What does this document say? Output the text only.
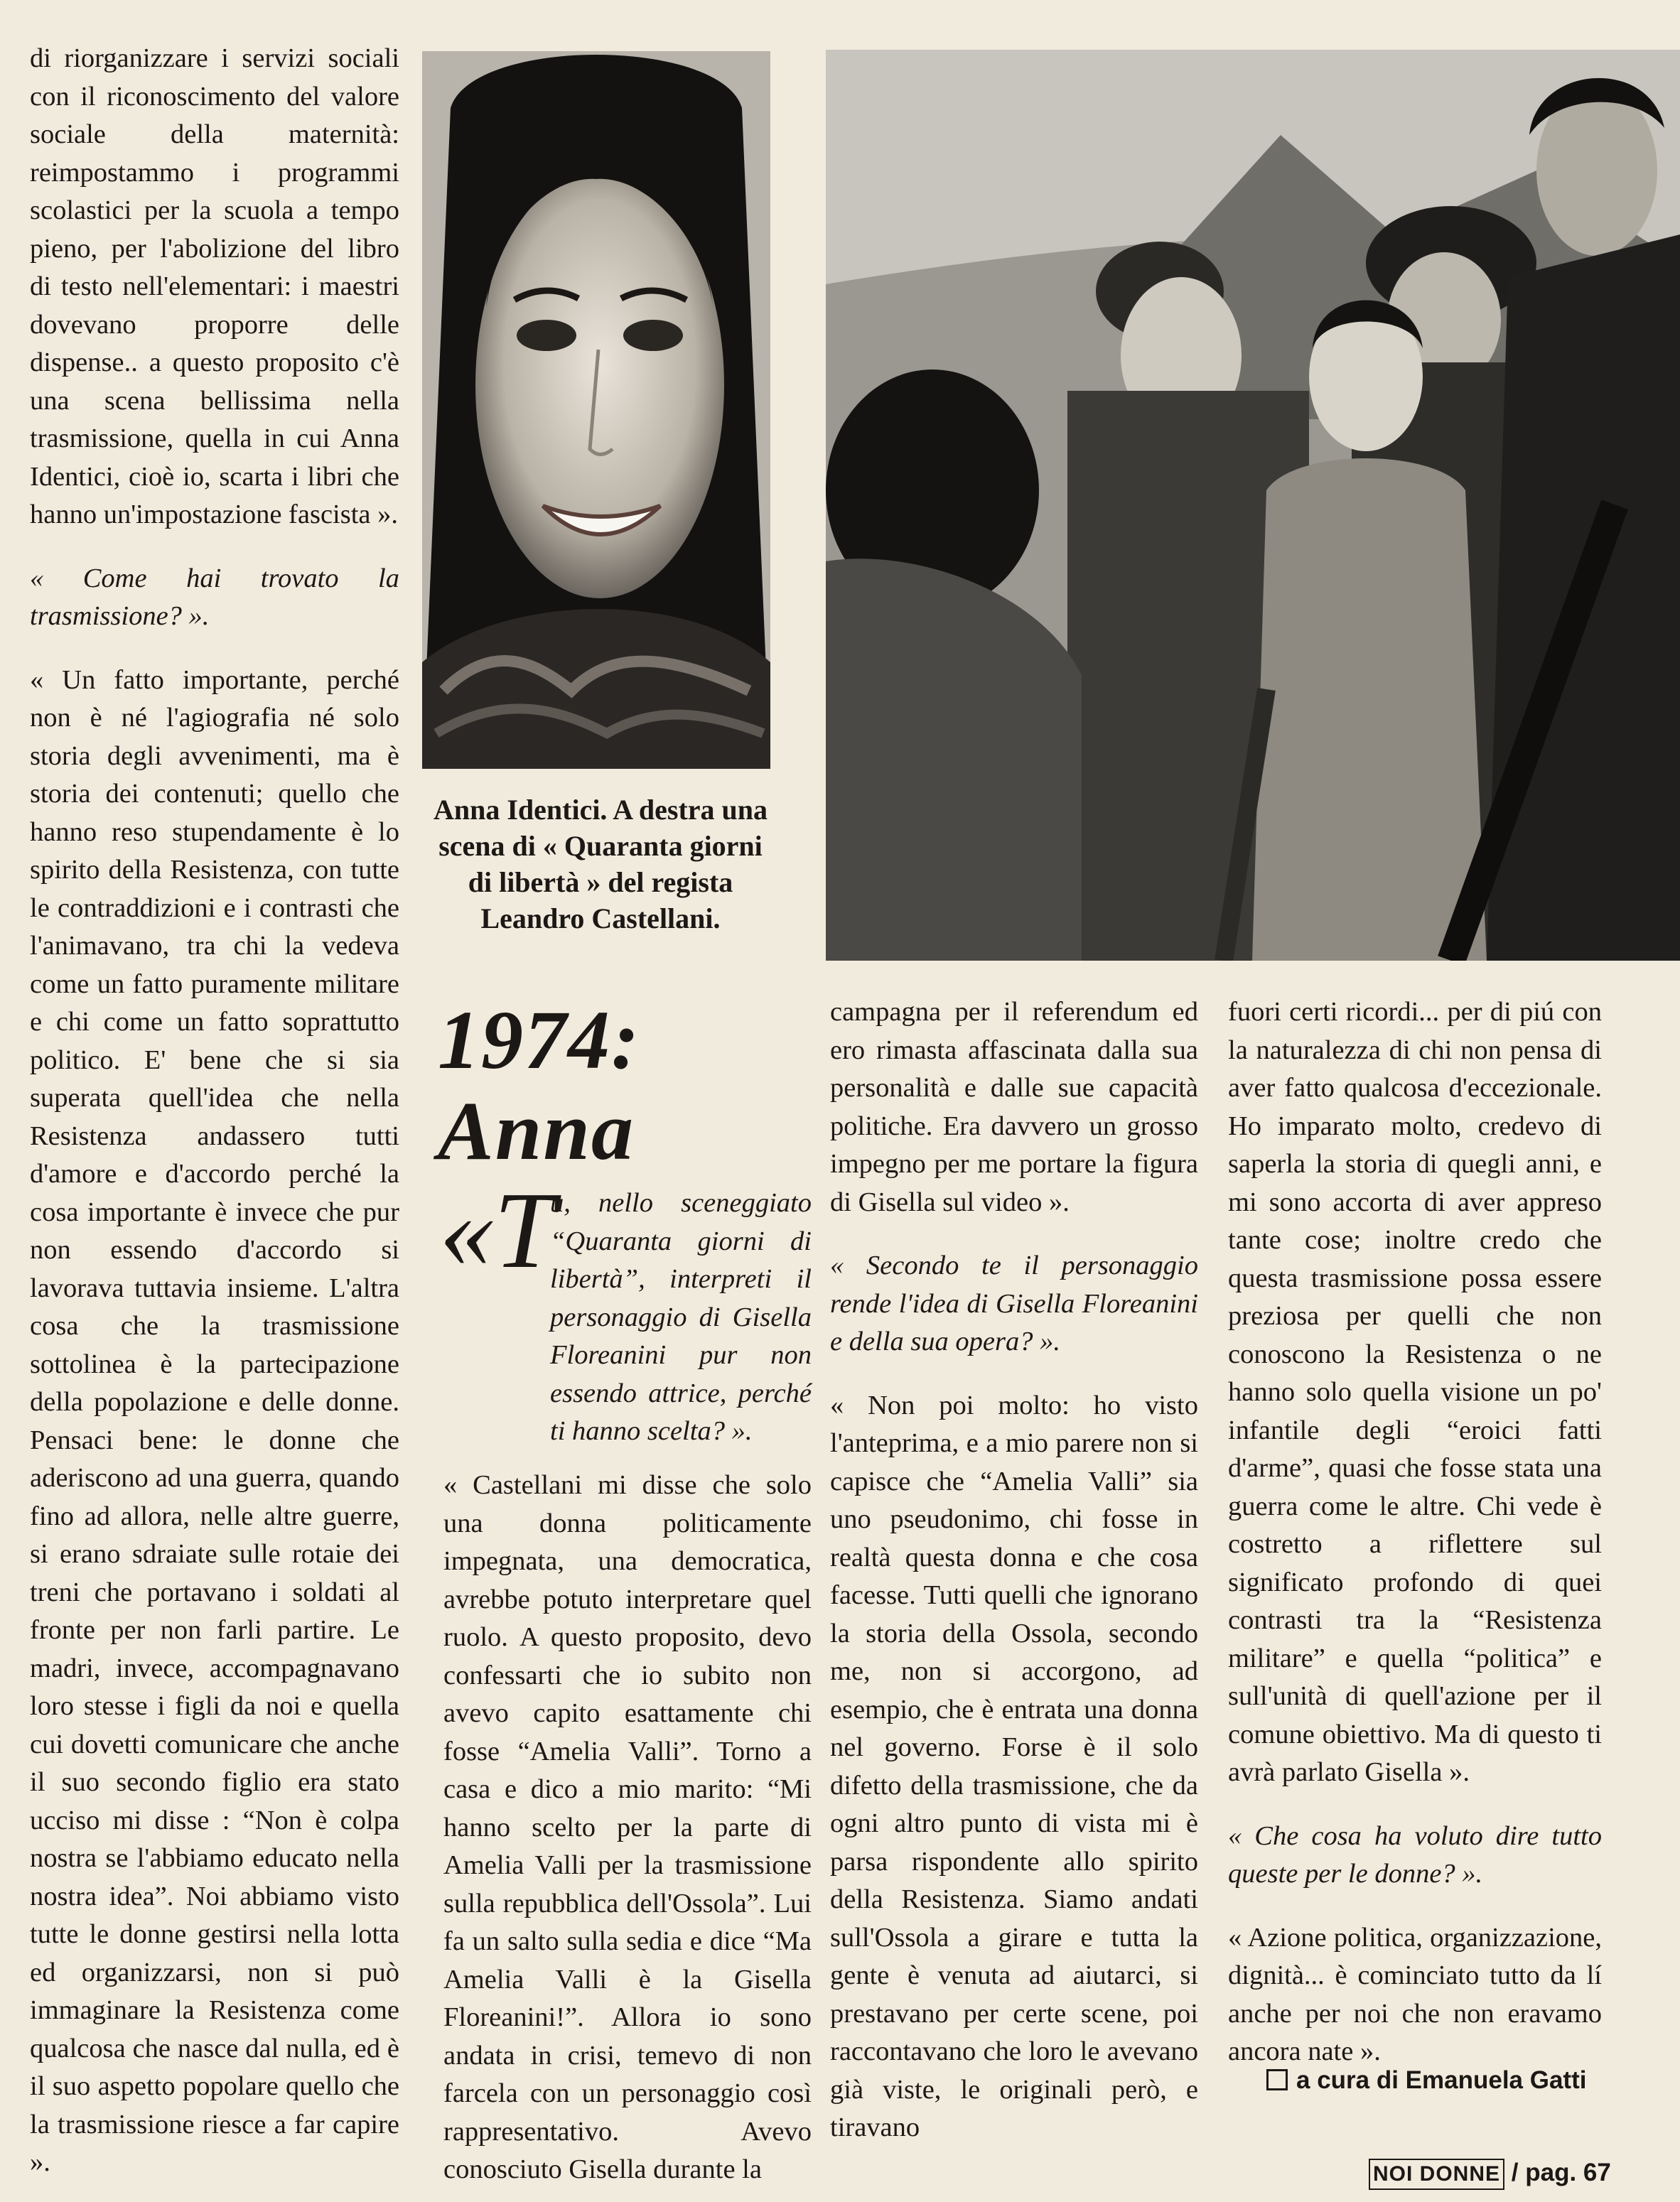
di riorganizzare i servizi sociali con il riconoscimento del valore sociale della maternità: reimpostammo i programmi scolastici per la scuola a tempo pieno, per l'abolizione del libro di testo nell'elementari: i maestri dovevano proporre delle dispense.. a questo proposito c'è una scena bellissima nella trasmissione, quella in cui Anna Identici, cioè io, scarta i libri che hanno un'impostazione fascista ».

« Come hai trovato la trasmissione? ».

« Un fatto importante, perché non è né l'agiografia né solo storia degli avvenimenti, ma è storia dei contenuti; quello che hanno reso stupendamente è lo spirito della Resistenza, con tutte le contraddizioni e i contrasti che l'animavano, tra chi la vedeva come un fatto puramente militare e chi come un fatto soprattutto politico. E' bene che si sia superata quell'idea che nella Resistenza andassero tutti d'amore e d'accordo perché la cosa importante è invece che pur non essendo d'accordo si lavorava tuttavia insieme. L'altra cosa che la trasmissione sottolinea è la partecipazione della popolazione e delle donne. Pensaci bene: le donne che aderiscono ad una guerra, quando fino ad allora, nelle altre guerre, si erano sdraiate sulle rotaie dei treni che portavano i soldati al fronte per non farli partire. Le madri, invece, accompagnavano loro stesse i figli da noi e quella cui dovetti comunicare che anche il suo secondo figlio era stato ucciso mi disse : “Non è colpa nostra se l'abbiamo educato nella nostra idea”. Noi abbiamo visto tutte le donne gestirsi nella lotta ed organizzarsi, non si può immaginare la Resistenza come qualcosa che nasce dal nulla, ed è il suo aspetto popolare quello che la trasmissione riesce a far capire ».

Anna Identici. A destra una scena di « Quaranta giorni di libertà » del regista Leandro Castellani.
1974:
Anna
«T
u, nello sceneggiato “Quaranta giorni di libertà”, interpreti il personaggio di Gisella Floreanini pur non essendo attrice, perché ti hanno scelta? ».

« Castellani mi disse che solo una donna politicamente impegnata, una democratica, avrebbe potuto interpretare quel ruolo. A questo proposito, devo confessarti che io subito non avevo capito esattamente chi fosse “Amelia Valli”. Torno a casa e dico a mio marito: “Mi hanno scelto per la parte di Amelia Valli per la trasmissione sulla repubblica dell'Ossola”. Lui fa un salto sulla sedia e dice “Ma Amelia Valli è la Gisella Floreanini!”. Allora io sono andata in crisi, temevo di non farcela con un personaggio così rappresentativo. Avevo conosciuto Gisella durante la

campagna per il referendum ed ero rimasta affascinata dalla sua personalità e dalle sue capacità politiche. Era davvero un grosso impegno per me portare la figura di Gisella sul video ».

« Secondo te il personaggio rende l'idea di Gisella Floreanini e della sua opera? ».

« Non poi molto: ho visto l'anteprima, e a mio parere non si capisce che “Amelia Valli” sia uno pseudonimo, chi fosse in realtà questa donna e che cosa facesse. Tutti quelli che ignorano la storia della Ossola, secondo me, non si accorgono, ad esempio, che è entrata una donna nel governo. Forse è il solo difetto della trasmissione, che da ogni altro punto di vista mi è parsa rispondente allo spirito della Resistenza. Siamo andati sull'Ossola a girare e tutta la gente è venuta ad aiutarci, si prestavano per certe scene, poi raccontavano che loro le avevano già viste, le originali però, e tiravano

fuori certi ricordi... per di piú con la naturalezza di chi non pensa di aver fatto qualcosa d'eccezionale. Ho imparato molto, credevo di saperla la storia di quegli anni, e mi sono accorta di aver appreso tante cose; inoltre credo che questa trasmissione possa essere preziosa per quelli che non conoscono la Resistenza o ne hanno solo quella visione un po' infantile degli “eroici fatti d'arme”, quasi che fosse stata una guerra come le altre. Chi vede è costretto a riflettere sul significato profondo di quei contrasti tra la “Resistenza militare” e quella “politica” e sull'unità di quell'azione per il comune obiettivo. Ma di questo ti avrà parlato Gisella ».

« Che cosa ha voluto dire tutto queste per le donne? ».

« Azione politica, organizzazione, dignità... è cominciato tutto da lí anche per noi che non eravamo ancora nate ».

a cura di Emanuela Gatti
NOI DONNE / pag. 67
